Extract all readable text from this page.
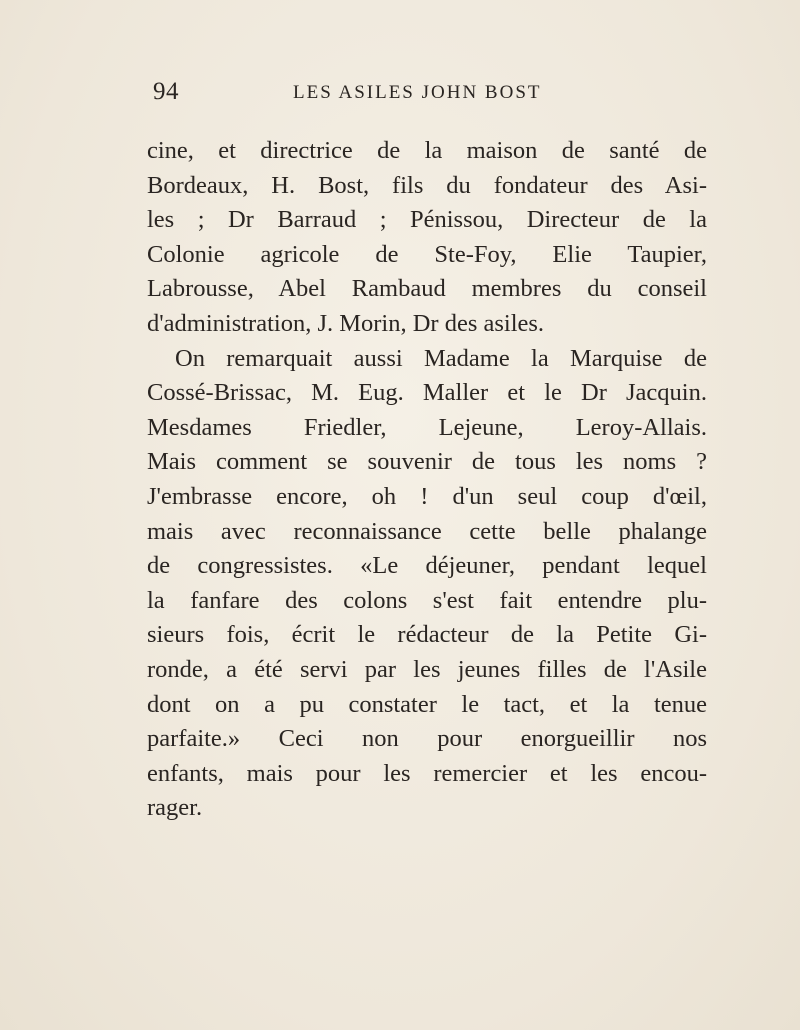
94	LES ASILES JOHN BOST
cine, et directrice de la maison de santé de
Bordeaux, H. Bost, fils du fondateur des Asi-
les ; Dr Barraud ; Pénissou, Directeur de la
Colonie agricole de Ste-Foy, Elie Taupier,
Labrousse, Abel Rambaud membres du conseil
d'administration, J. Morin, Dr des asiles.
On remarquait aussi Madame la Marquise de
Cossé-Brissac, M. Eug. Maller et le Dr Jacquin.
Mesdames Friedler, Lejeune, Leroy-Allais.
Mais comment se souvenir de tous les noms ?
J'embrasse encore, oh ! d'un seul coup d'œil,
mais avec reconnaissance cette belle phalange
de congressistes. «Le déjeuner, pendant lequel
la fanfare des colons s'est fait entendre plu-
sieurs fois, écrit le rédacteur de la Petite Gi-
ronde, a été servi par les jeunes filles de l'Asile
dont on a pu constater le tact, et la tenue
parfaite.» Ceci non pour enorgueillir nos
enfants, mais pour les remercier et les encou-
rager.
